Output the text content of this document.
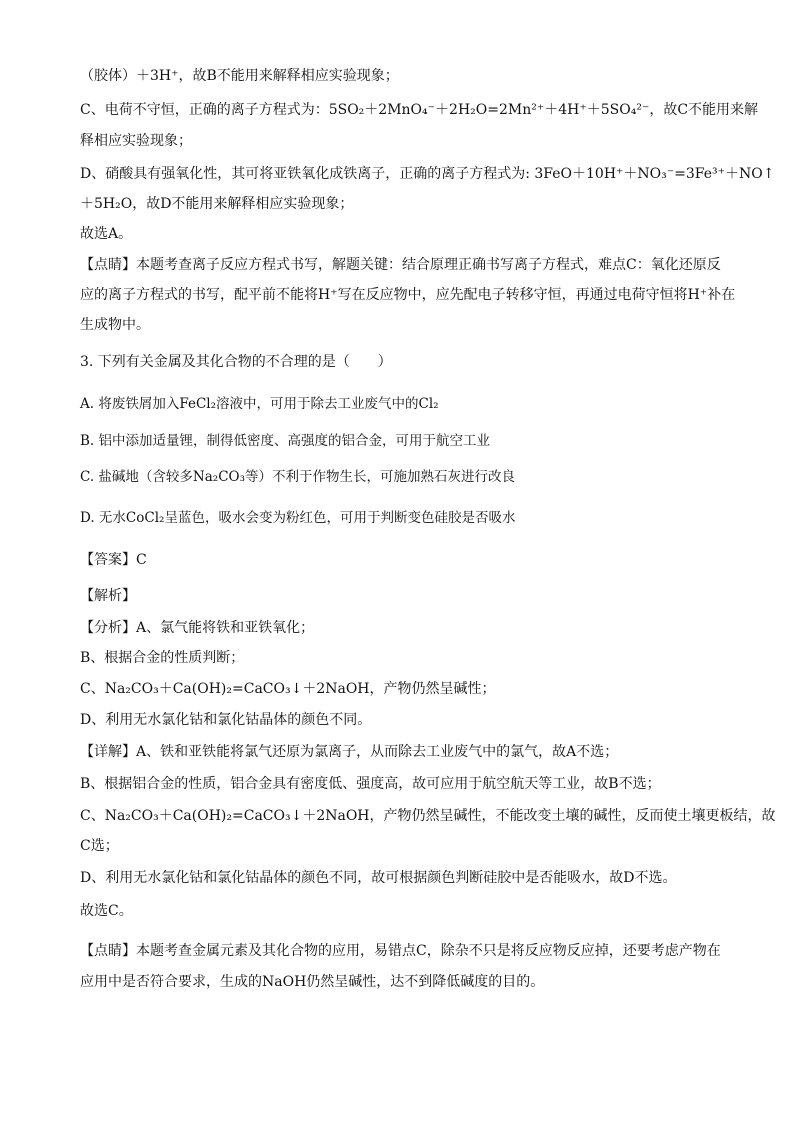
（胶体）＋3H⁺，故B不能用来解释相应实验现象；
C、电荷不守恒，正确的离子方程式为：5SO₂＋2MnO₄⁻＋2H₂O=2Mn²⁺＋4H⁺＋5SO₄²⁻，故C不能用来解
释相应实验现象；
D、硝酸具有强氧化性，其可将亚铁氧化成铁离子，正确的离子方程式为: 3FeO＋10H⁺＋NO₃⁻=3Fe³⁺＋NO↑
＋5H₂O，故D不能用来解释相应实验现象；
故选A。
【点睛】本题考查离子反应方程式书写，解题关键：结合原理正确书写离子方程式，难点C：氧化还原反
应的离子方程式的书写，配平前不能将H⁺写在反应物中，应先配电子转移守恒，再通过电荷守恒将H⁺补在
生成物中。
3. 下列有关金属及其化合物的不合理的是（　　）
A. 将废铁屑加入FeCl₂溶液中，可用于除去工业废气中的Cl₂
B. 铝中添加适量锂，制得低密度、高强度的铝合金，可用于航空工业
C. 盐碱地（含较多Na₂CO₃等）不利于作物生长，可施加熟石灰进行改良
D. 无水CoCl₂呈蓝色，吸水会变为粉红色，可用于判断变色硅胶是否吸水
【答案】C
【解析】
【分析】A、氯气能将铁和亚铁氧化；
B、根据合金的性质判断；
C、Na₂CO₃＋Ca(OH)₂=CaCO₃↓＋2NaOH，产物仍然呈碱性；
D、利用无水氯化钴和氯化钴晶体的颜色不同。
【详解】A、铁和亚铁能将氯气还原为氯离子，从而除去工业废气中的氯气，故A不选；
B、根据铝合金的性质，铝合金具有密度低、强度高，故可应用于航空航天等工业，故B不选；
C、Na₂CO₃＋Ca(OH)₂=CaCO₃↓＋2NaOH，产物仍然呈碱性，不能改变土壤的碱性，反而使土壤更板结，故
C选；
D、利用无水氯化钴和氯化钴晶体的颜色不同，故可根据颜色判断硅胶中是否能吸水，故D不选。
故选C。
【点睛】本题考查金属元素及其化合物的应用，易错点C，除杂不只是将反应物反应掉，还要考虑产物在
应用中是否符合要求，生成的NaOH仍然呈碱性，达不到降低碱度的目的。
